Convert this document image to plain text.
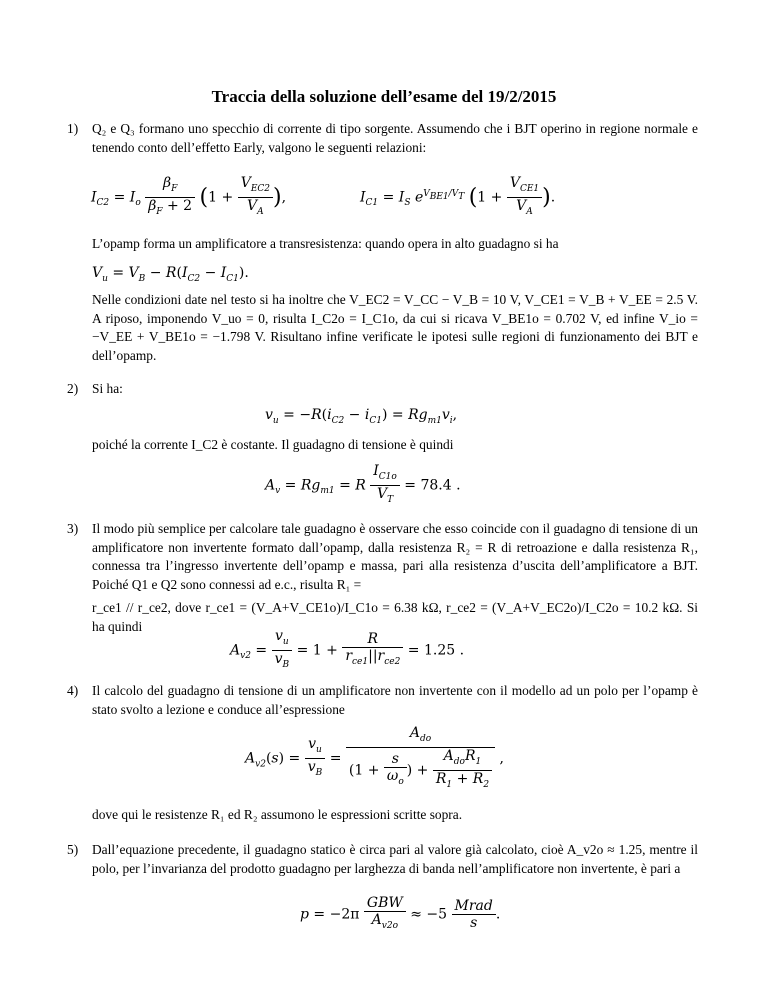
Traccia della soluzione dell’esame del 19/2/2015
1) Q₂ e Q₃ formano uno specchio di corrente di tipo sorgente. Assumendo che i BJT operino in regione normale e tenendo conto dell’effetto Early, valgono le seguenti relazioni:
$I_{C2} = I_o \frac{\beta_F}{\beta_F + 2} (1 + \frac{V_{EC2}}{V_A}$ ),	$I_{C1} = I_S$ $e^{V_{BE1}/V_T}$ ($1 + \frac{V_{CE1}}{V_A}$ ).
L’opamp forma un amplificatore a transresistenza: quando opera in alto guadagno si ha
$V_u = V_B - R(I_{C2} - I_{C1})$.
Nelle condizioni date nel testo si ha inoltre che V_EC2 = V_CC − V_B = 10 V, V_CE1 = V_B + V_EE = 2.5 V. A riposo, imponendo V_uo = 0, risulta I_C2o = I_C1o, da cui si ricava V_BE1o = 0.702 V, ed infine V_io = −V_EE + V_BE1o = −1.798 V. Risultano infine verificate le ipotesi sulle regioni di funzionamento dei BJT e dell’opamp.
2) Si ha:
$v_u = -R(i_{C2} - i_{C1}) = Rg_{m1}v_i$,
poiché la corrente I_C2 è costante. Il guadagno di tensione è quindi
$A_v = Rg_{m1} = R \frac{I_{C1o}}{V_T} = 78.4$ .
3) Il modo più semplice per calcolare tale guadagno è osservare che esso coincide con il guadagno di tensione di un amplificatore non invertente formato dall’opamp, dalla resistenza R₂ = R di retroazione e dalla resistenza R₁, connessa tra l’ingresso invertente dell’opamp e massa, pari alla resistenza d’uscita dell’amplificatore a BJT. Poiché Q1 e Q2 sono connessi ad e.c., risulta R₁ =
r_ce1 // r_ce2, dove r_ce1 = (V_A+V_CE1o)/I_C1o = 6.38 kΩ, r_ce2 = (V_A+V_EC2o)/I_C2o = 10.2 kΩ. Si ha quindi
$A_{v2} = \frac{v_u}{v_B} = 1 + \frac{R}{r_{ce1}||r_{ce2}} = 1.25$ .
4) Il calcolo del guadagno di tensione di un amplificatore non invertente con il modello ad un polo per l’opamp è stato svolto a lezione e conduce all’espressione
$A_{v2}(s) = \frac{v_u}{v_B} = \frac{A_{do}}{(1 + \frac{s}{\omega_o} ) + \frac{A_{do}R_1}{R_1 + R_2}}$ ,
dove qui le resistenze R₁ ed R₂ assumono le espressioni scritte sopra.
5) Dall’equazione precedente, il guadagno statico è circa pari al valore già calcolato, cioè A_v2o ≈ 1.25, mentre il polo, per l’invarianza del prodotto guadagno per larghezza di banda nell’amplificatore non invertente, è pari a
$p = -2\pi \frac{\text{GBW}}{A_{v2o}} \approx -5 \frac{\text{Mrad}}{s}$ .
